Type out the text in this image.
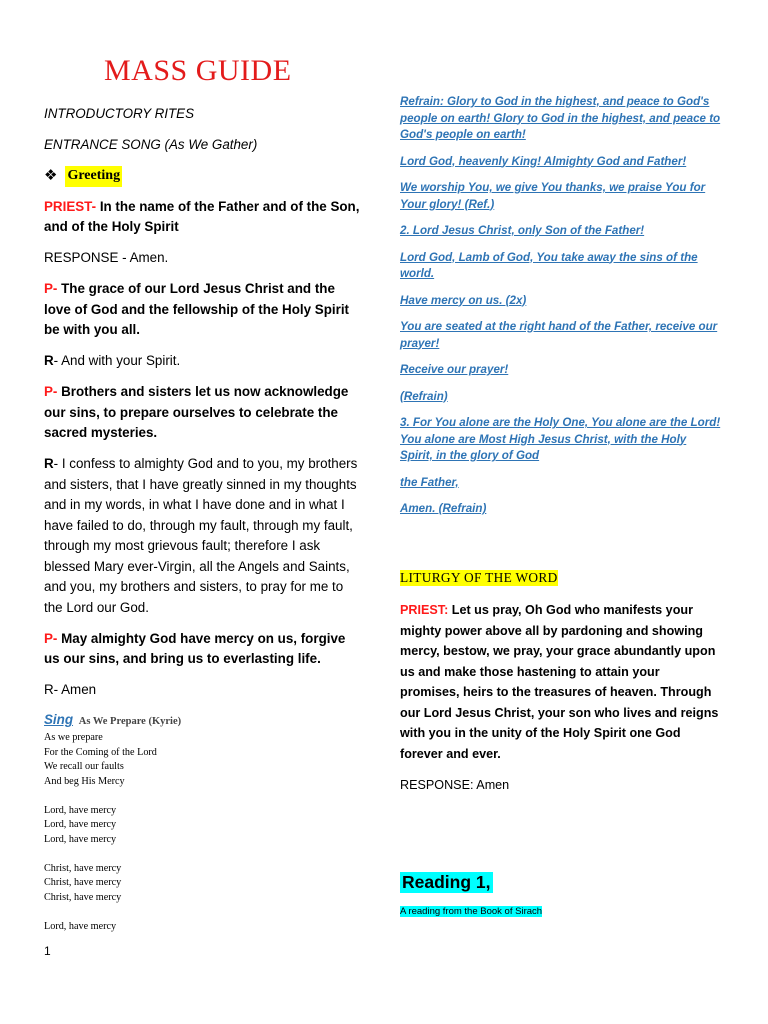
MASS GUIDE

INTRODUCTORY RITES

ENTRANCE SONG (As We Gather)

❖ Greeting

PRIEST- In the name of the Father and of the Son, and of the Holy Spirit

RESPONSE - Amen.

P- The grace of our Lord Jesus Christ and the love of God and the fellowship of the Holy Spirit be with you all.

R- And with your Spirit.

P- Brothers and sisters let us now acknowledge our sins, to prepare ourselves to celebrate the sacred mysteries.

R- I confess to almighty God and to you, my brothers and sisters, that I have greatly sinned in my thoughts and in my words, in what I have done and in what I have failed to do, through my fault, through my fault, through my most grievous fault; therefore I ask blessed Mary ever-Virgin, all the Angels and Saints, and you, my brothers and sisters, to pray for me to the Lord our God.

P- May almighty God have mercy on us, forgive us our sins, and bring us to everlasting life.

R- Amen

Sing As We Prepare (Kyrie)

As we prepare
For the Coming of the Lord
We recall our faults
And beg His Mercy
Lord, have mercy
Lord, have mercy
Lord, have mercy
Christ, have mercy
Christ, have mercy
Christ, have mercy
Lord, have mercy

Refrain: Glory to God in the highest, and peace to God's people on earth! Glory to God in the highest, and peace to God's people on earth!

Lord God, heavenly King! Almighty God and Father!

We worship You, we give You thanks, we praise You for Your glory! (Ref.)

2. Lord Jesus Christ, only Son of the Father!

Lord God, Lamb of God, You take away the sins of the world.

Have mercy on us. (2x)

You are seated at the right hand of the Father, receive our prayer!

Receive our prayer!

(Refrain)

3. For You alone are the Holy One, You alone are the Lord! You alone are Most High Jesus Christ, with the Holy Spirit, in the glory of God

the Father,

Amen. (Refrain)

LITURGY OF THE WORD

PRIEST: Let us pray, Oh God who manifests your mighty power above all by pardoning and showing mercy, bestow, we pray, your grace abundantly upon us and make those hastening to attain your promises, heirs to the treasures of heaven. Through our Lord Jesus Christ, your son who lives and reigns with you in the unity of the Holy Spirit one God forever and ever.

RESPONSE: Amen

Reading 1,
A reading from the Book of Sirach
1
